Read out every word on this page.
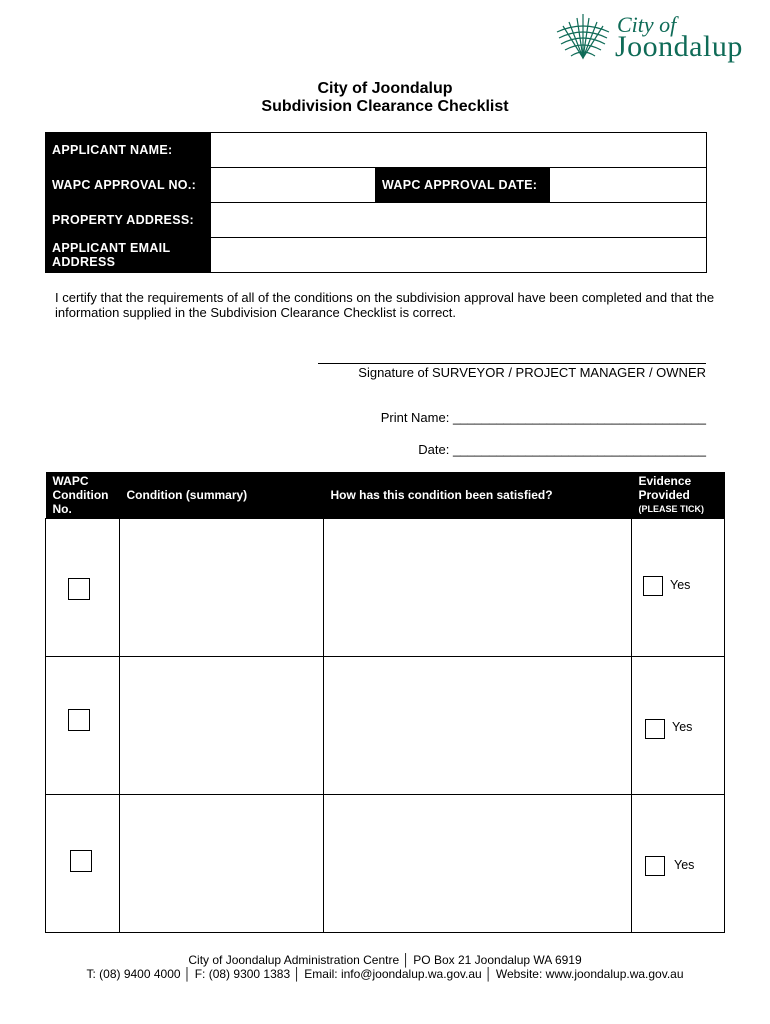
City of
Joondalup
City of Joondalup
Subdivision Clearance Checklist
APPLICANT NAME:			
WAPC APPROVAL NO.:		WAPC APPROVAL DATE:	
PROPERTY ADDRESS:			
APPLICANT EMAIL
ADDRESS			
I certify that the requirements of all of the conditions on the subdivision approval have been completed and that the information supplied in the Subdivision Clearance Checklist is correct.
Signature of SURVEYOR / PROJECT MANAGER / OWNER
Print Name: ___________________________________
Date: ___________________________________
WAPC
Condition
No.	Condition (summary)	How has this condition been satisfied?	Evidence
Provided
(PLEASE TICK)

			Yes

			Yes

			Yes
City of Joondalup Administration Centre │ PO Box 21 Joondalup WA 6919
T: (08) 9400 4000 │ F: (08) 9300 1383 │ Email: info@joondalup.wa.gov.au │ Website: www.joondalup.wa.gov.au
